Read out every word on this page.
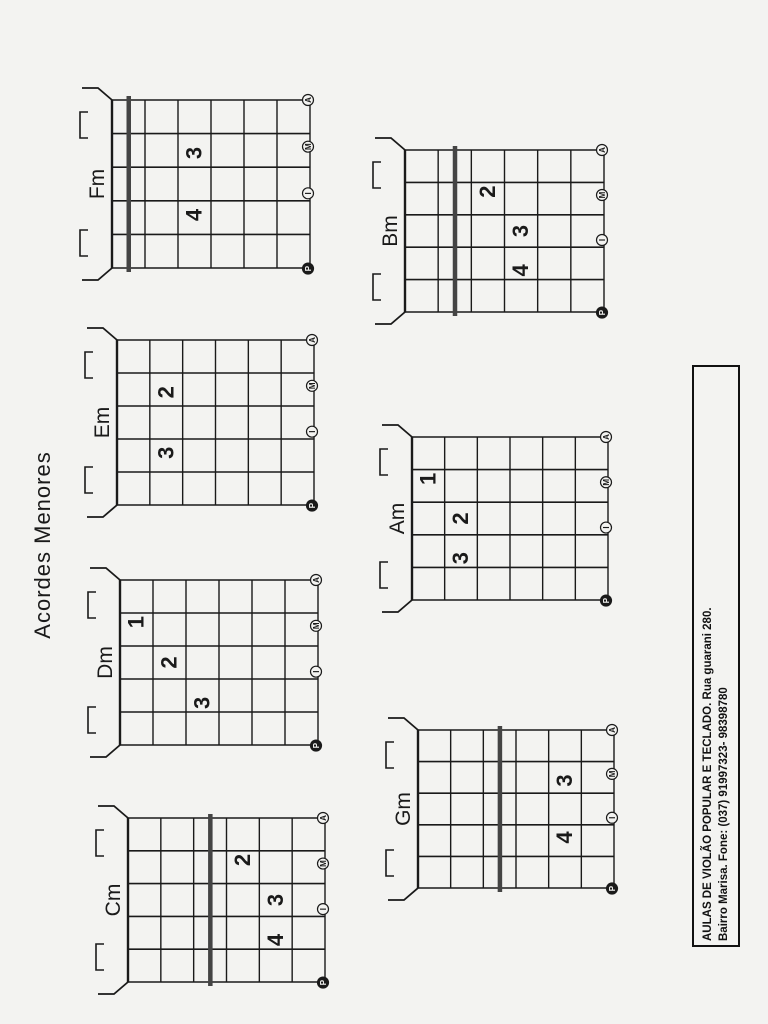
Acordes Menores
Cm
2
3
4
A
M
I
P
Dm
1
2
3
A
M
I
P
Em
2
3
A
M
I
P
Fm
3
4
A
M
I
P
Gm
3
4
A
M
I
P
Am
1
2
3
A
M
I
P
Bm
2
3
4
A
M
I
P
AULAS DE VIOLÃO POPULAR E TECLADO. Rua guarani 280. Bairro Marisa. Fone: (037) 91997323- 98398780
